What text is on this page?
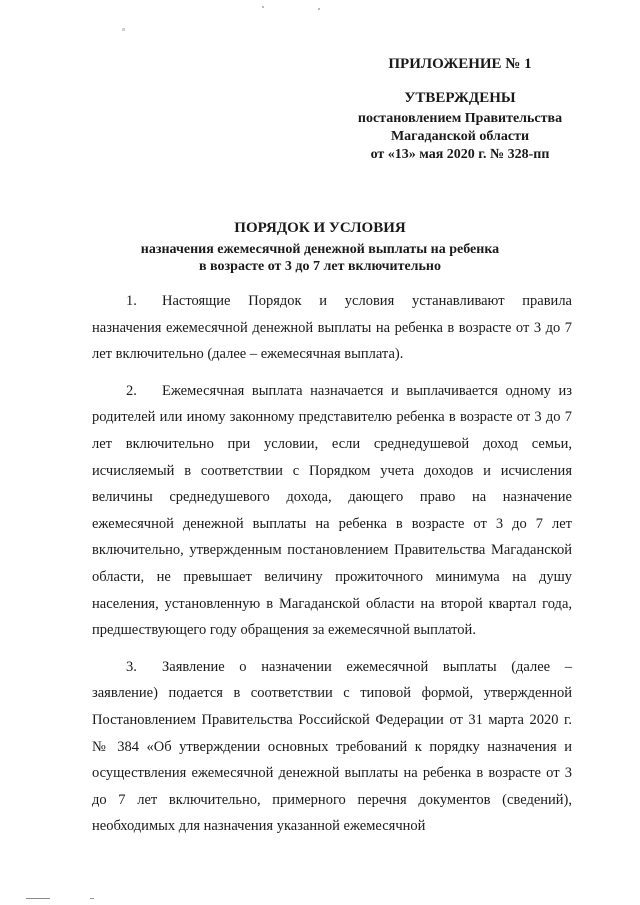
ПРИЛОЖЕНИЕ № 1
УТВЕРЖДЕНЫ
постановлением Правительства
Магаданской области
от «13» мая 2020 г. № 328-пп
ПОРЯДОК И УСЛОВИЯ
назначения ежемесячной денежной выплаты на ребенка
в возрасте от 3 до 7 лет включительно

1. Настоящие Порядок и условия устанавливают правила назначения ежемесячной денежной выплаты на ребенка в возрасте от 3 до 7 лет включительно (далее – ежемесячная выплата).

2. Ежемесячная выплата назначается и выплачивается одному из родителей или иному законному представителю ребенка в возрасте от 3 до 7 лет включительно при условии, если среднедушевой доход семьи, исчисляемый в соответствии с Порядком учета доходов и исчисления величины среднедушевого дохода, дающего право на назначение ежемесячной денежной выплаты на ребенка в возрасте от 3 до 7 лет включительно, утвержденным постановлением Правительства Магаданской области, не превышает величину прожиточного минимума на душу населения, установленную в Магаданской области на второй квартал года, предшествующего году обращения за ежемесячной выплатой.

3. Заявление о назначении ежемесячной выплаты (далее – заявление) подается в соответствии с типовой формой, утвержденной Постановлением Правительства Российской Федерации от 31 марта 2020 г. № 384 «Об утверждении основных требований к порядку назначения и осуществления ежемесячной денежной выплаты на ребенка в возрасте от 3 до 7 лет включительно, примерного перечня документов (сведений), необходимых для назначения указанной ежемесячной
